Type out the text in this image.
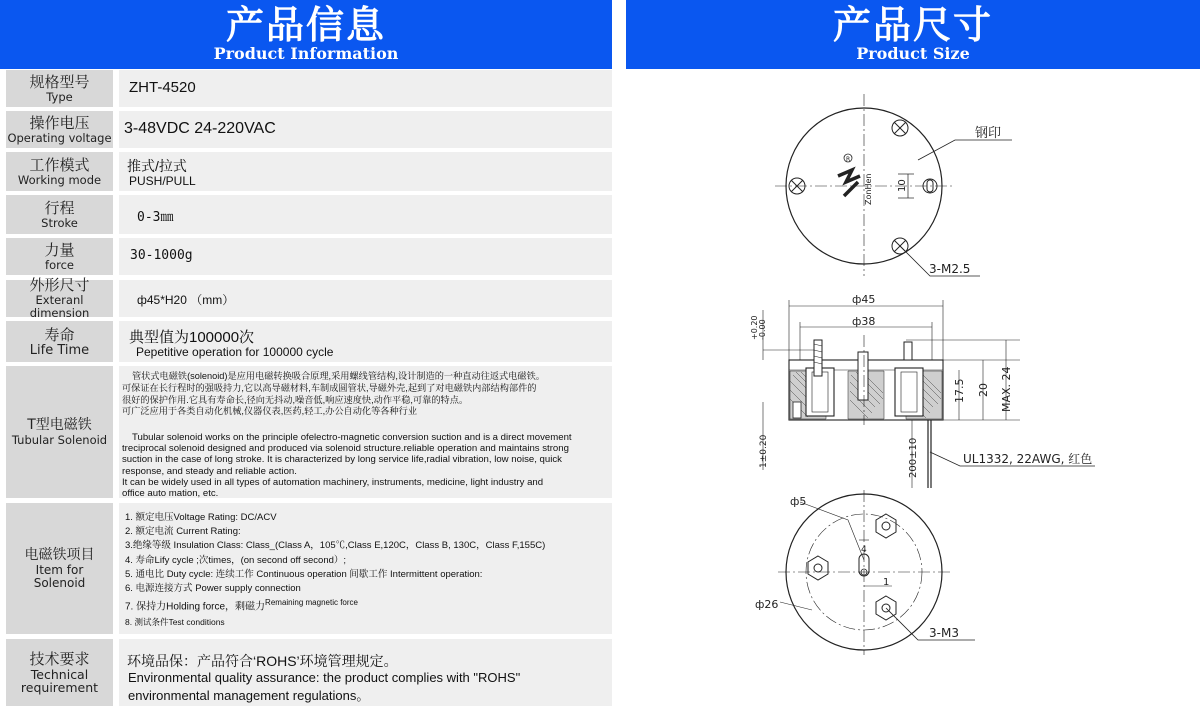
产品信息
Product Information
规格型号
Type
ZHT-4520
操作电压
Operating voltage
3-48VDC 24-220VAC
工作模式
Working mode
推式/拉式
PUSH/PULL
行程
Stroke	0-3㎜
力量
force
30-1000g
外形尺寸
Exteranl dimension
ф45*H20 （mm）
寿命
Life Time
典型值为100000次
Pepetitive operation for 100000 cycle
T型电磁铁
Tubular Solenoid
管状式电磁铁(solenoid)是应用电磁转换吸合原理,采用螺线管结构,设计制造的一种直动往返式电磁铁。
可保证在长行程时的强吸持力,它以高导磁材料,车制成圆管状,导磁外壳,起到了对电磁铁内部结构部件的
很好的保护作用.它具有寿命长,径向无抖动,噪音低,响应速度快,动作平稳,可靠的特点。
可广泛应用于各类自动化机械,仪器仪表,医药,轻工,办公自动化等各种行业
Tubular solenoid works on the principle ofelectro-magnetic conversion suction and is a direct movement
treciprocal solenoid designed and produced via solenoid structure.reliable operation and maintains strong
suction in the case of long stroke. It is characterized by long service life,radial vibration, low noise, quick
response, and steady and reliable action.
It can be widely used in all types of automation machinery, instruments, medicine, light industry and
office auto mation, etc.
电磁铁项目
Item for
Solenoid
1. 额定电压Voltage Rating: DC/ACV
2. 额定电流 Current Rating:
3.绝缘等级 Insulation Class: Class_(Class A，105℃,Class E,120C，Class B, 130C，Class F,155C)
4. 寿命Lify cycle ;次times，(on second off second）;
5. 通电比 Duty cycle: 连续工作 Continuous operation 间歇工作 Intermittent operation:
6. 电源连接方式 Power supply connection
7. 保持力Holding force，剩磁力$^{Remaining magnetic force}$
8. 测试条件Test conditions
技术要求
Technical
requirement
环境品保：产品符合‘ROHS’环境管理规定。
Environmental quality assurance: the product complies with "ROHS"
environmental management regulations。
产品尺寸
Product Size
R
ZonHen 10
钢印
3-M2.5
ф45
ф38
+0.20 -0.00
1±0.20
17.5 20 MAX. 24
200±10	UL1332, 22AWG, 红色
ф5
4
1
ф26
3-M3
